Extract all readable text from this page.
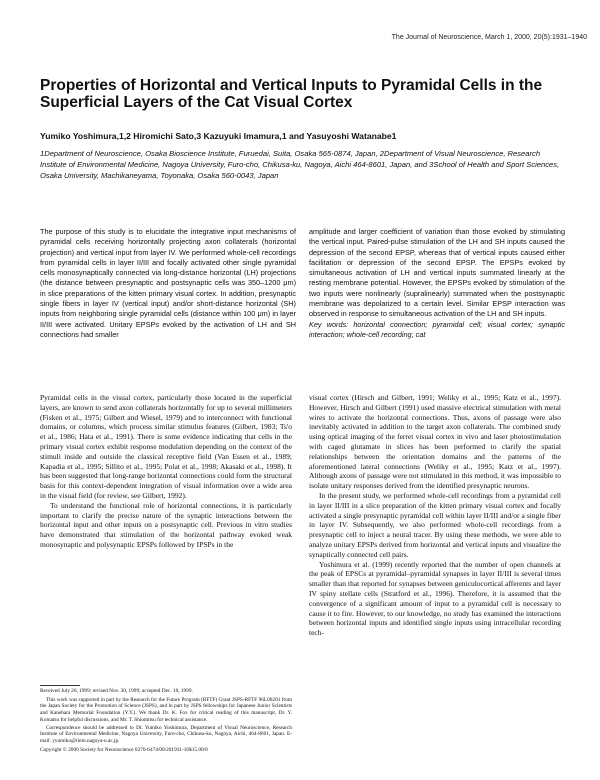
The Journal of Neuroscience, March 1, 2000, 20(5):1931–1940
Properties of Horizontal and Vertical Inputs to Pyramidal Cells in the Superficial Layers of the Cat Visual Cortex
Yumiko Yoshimura,1,2 Hiromichi Sato,3 Kazuyuki Imamura,1 and Yasuyoshi Watanabe1
1Department of Neuroscience, Osaka Bioscience Institute, Furuedai, Suita, Osaka 565-0874, Japan, 2Department of Visual Neuroscience, Research Institute of Environmental Medicine, Nagoya University, Furo-cho, Chikusa-ku, Nagoya, Aichi 464-8601, Japan, and 3School of Health and Sport Sciences, Osaka University, Machikaneyama, Toyonaka, Osaka 560-0043, Japan
The purpose of this study is to elucidate the integrative input mechanisms of pyramidal cells receiving horizontally projecting axon collaterals (horizontal projection) and vertical input from layer IV. We performed whole-cell recordings from pyramidal cells in layer II/III and focally activated other single pyramidal cells monosynaptically connected via long-distance horizontal (LH) projections (the distance between presynaptic and postsynaptic cells was 350–1200 μm) in slice preparations of the kitten primary visual cortex. In addition, presynaptic single fibers in layer IV (vertical input) and/or short-distance horizontal (SH) inputs from neighboring single pyramidal cells (distance within 100 μm) in layer II/III were activated. Unitary EPSPs evoked by the activation of LH and SH connections had smaller
amplitude and larger coefficient of variation than those evoked by stimulating the vertical input. Paired-pulse stimulation of the LH and SH inputs caused the depression of the second EPSP, whereas that of vertical inputs caused either facilitation or depression of the second EPSP. The EPSPs evoked by simultaneous activation of LH and vertical inputs summated linearly at the resting membrane potential. However, the EPSPs evoked by stimulation of the two inputs were nonlinearly (supralinearly) summated when the postsynaptic membrane was depolarized to a certain level. Similar EPSP interaction was observed in response to simultaneous activation of the LH and SH inputs.
Key words: horizontal connection; pyramidal cell; visual cortex; synaptic interaction; whole-cell recording; cat

Pyramidal cells in the visual cortex, particularly those located in the superficial layers, are known to send axon collaterals horizontally for up to several millimeters (Fisken et al., 1975; Gilbert and Wiesel, 1979) and to interconnect with functional domains, or columns, which process similar stimulus features (Gilbert, 1983; Ts'o et al., 1986; Hata et al., 1991). There is some evidence indicating that cells in the primary visual cortex exhibit response modulation depending on the context of the stimuli inside and outside the classical receptive field (Van Essen et al., 1989; Kapadia et al., 1995; Sillito et al., 1995; Polat et al., 1998; Akasaki et al., 1998). It has been suggested that long-range horizontal connections could form the structural basis for this context-dependent integration of visual information over a wide area in the visual field (for review, see Gilbert, 1992).

To understand the functional role of horizontal connections, it is particularly important to clarify the precise nature of the synaptic interactions between the horizontal input and other inputs on a postsynaptic cell. Previous in vitro studies have demonstrated that stimulation of the horizontal pathway evoked weak monosynaptic and polysynaptic EPSPs followed by IPSPs in the

visual cortex (Hirsch and Gilbert, 1991; Weliky et al., 1995; Katz et al., 1997). However, Hirsch and Gilbert (1991) used massive electrical stimulation with metal wires to activate the horizontal connections. Thus, axons of passage were also inevitably activated in addition to the target axon collaterals. The combined study using optical imaging of the ferret visual cortex in vivo and laser photostimulation with caged glutamate in slices has been performed to clarify the spatial relationships between the orientation domains and the patterns of the aforementioned lateral connections (Weliky et al., 1995; Katz et al., 1997). Although axons of passage were not stimulated in this method, it was impossible to isolate unitary responses derived from the identified presynaptic neurons.

In the present study, we performed whole-cell recordings from a pyramidal cell in layer II/III in a slice preparation of the kitten primary visual cortex and focally activated a single presynaptic pyramidal cell within layer II/III and/or a single fiber in layer IV. Subsequently, we also performed whole-cell recordings from a presynaptic cell to inject a neural tracer. By using these methods, we were able to analyze unitary EPSPs derived from horizontal and vertical inputs and visualize the synaptically connected cell pairs.

Yoshimura et al. (1999) recently reported that the number of open channels at the peak of EPSCs at pyramidal–pyramidal synapses in layer II/III is several times smaller than that reported for synapses between geniculocortical afferents and layer IV spiny stellate cells (Stratford et al., 1996). Therefore, it is assumed that the convergence of a significant amount of input to a pyramidal cell is necessary to cause it to fire. However, to our knowledge, no study has examined the interactions between horizontal inputs and identified single inputs using intracellular recording tech-

Received July 26, 1999; revised Nov. 30, 1999; accepted Dec. 10, 1999.

This work was supported in part by the Research for the Future Program (RFTF) Grant JSPS-RFTF 96L00201 from the Japan Society for the Promotion of Science (JSPS), and in part by JSPS fellowships for Japanese Junior Scientists and Kanehara Memorial Foundation (Y.Y.). We thank Dr. K. Fox for critical reading of this manuscript, Dr. Y. Komatsu for helpful discussions, and Mr. T. Shiomitsu for technical assistance.

Correspondence should be addressed to Dr. Yumiko Yoshimura, Department of Visual Neuroscience, Research Institute of Environmental Medicine, Nagoya University, Furo-cho, Chikusa-ku, Nagoya, Aichi, 464-8601, Japan. E-mail: yyumiko@riem.nagoya-u.ac.jp.

Copyright © 2000 Society for Neuroscience 0270-6474/00/201931-10$15.00/0
